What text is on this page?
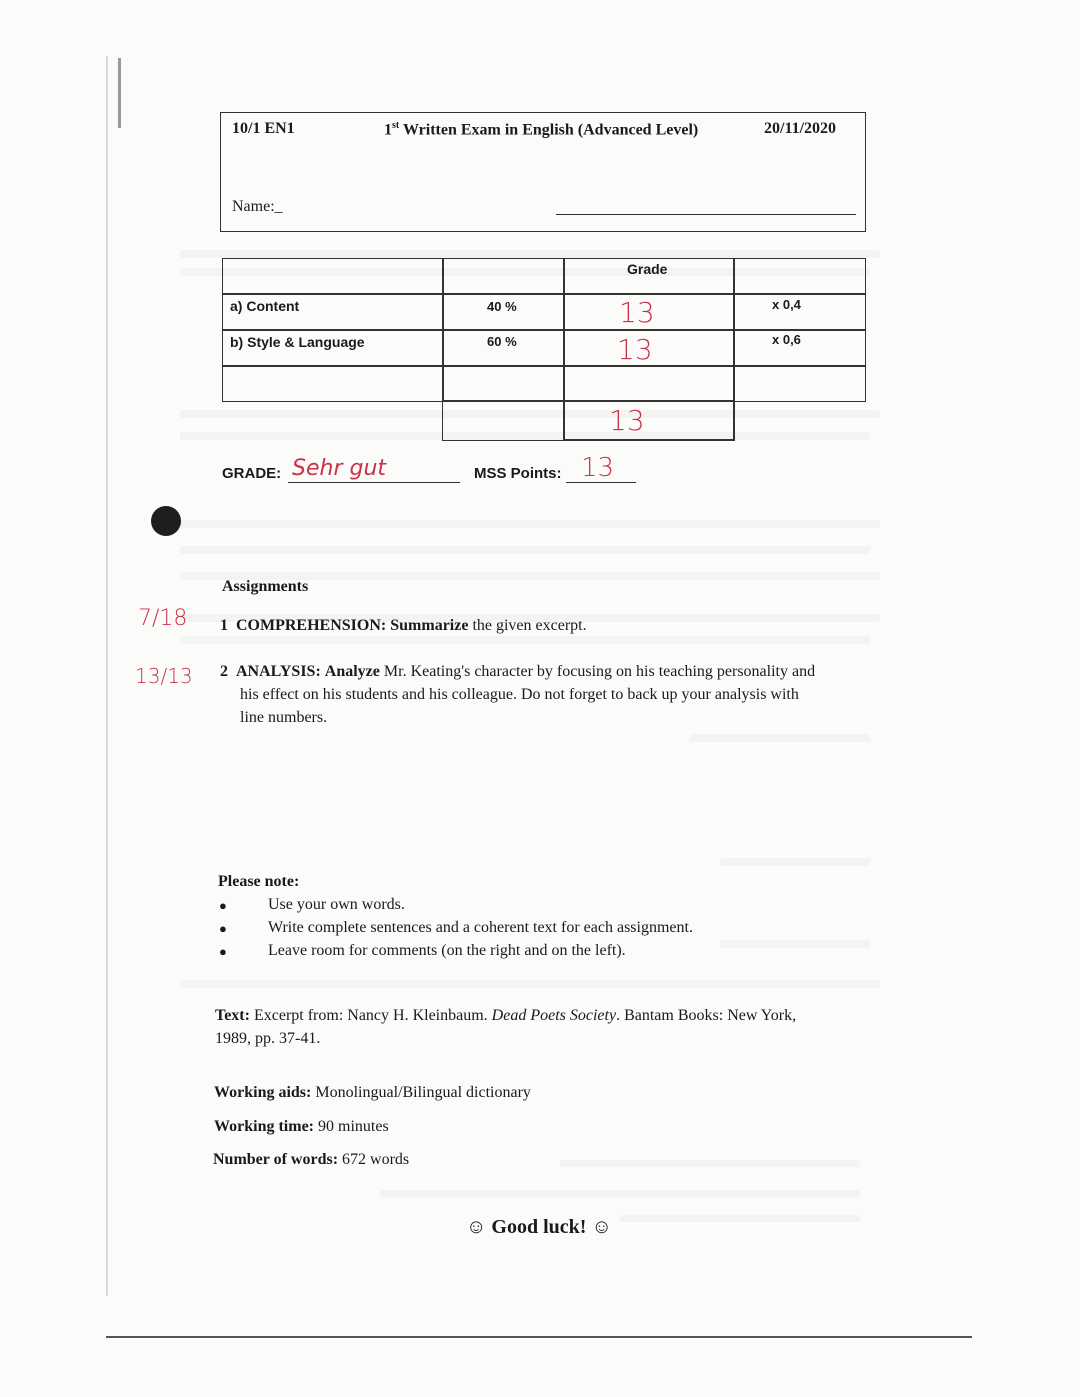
10/1 EN1	1st Written Exam in English (Advanced Level)	20/11/2020
Name:_
Grade
a) Content	40 %	13	x 0,4
b) Style & Language	60 %	13	x 0,6
13
GRADE: Sehr gut	MSS Points: 13
7/18
13/13
Assignments
1 COMPREHENSION: Summarize the given excerpt.
2 ANALYSIS: Analyze Mr. Keating's character by focusing on his teaching personality and
his effect on his students and his colleague. Do not forget to back up your analysis with
line numbers.
Please note:
●	Use your own words.
●	Write complete sentences and a coherent text for each assignment.
●	Leave room for comments (on the right and on the left).
Text: Excerpt from: Nancy H. Kleinbaum. Dead Poets Society. Bantam Books: New York,
1989, pp. 37-41.
Working aids: Monolingual/Bilingual dictionary
Working time: 90 minutes
Number of words: 672 words
☺ Good luck! ☺
